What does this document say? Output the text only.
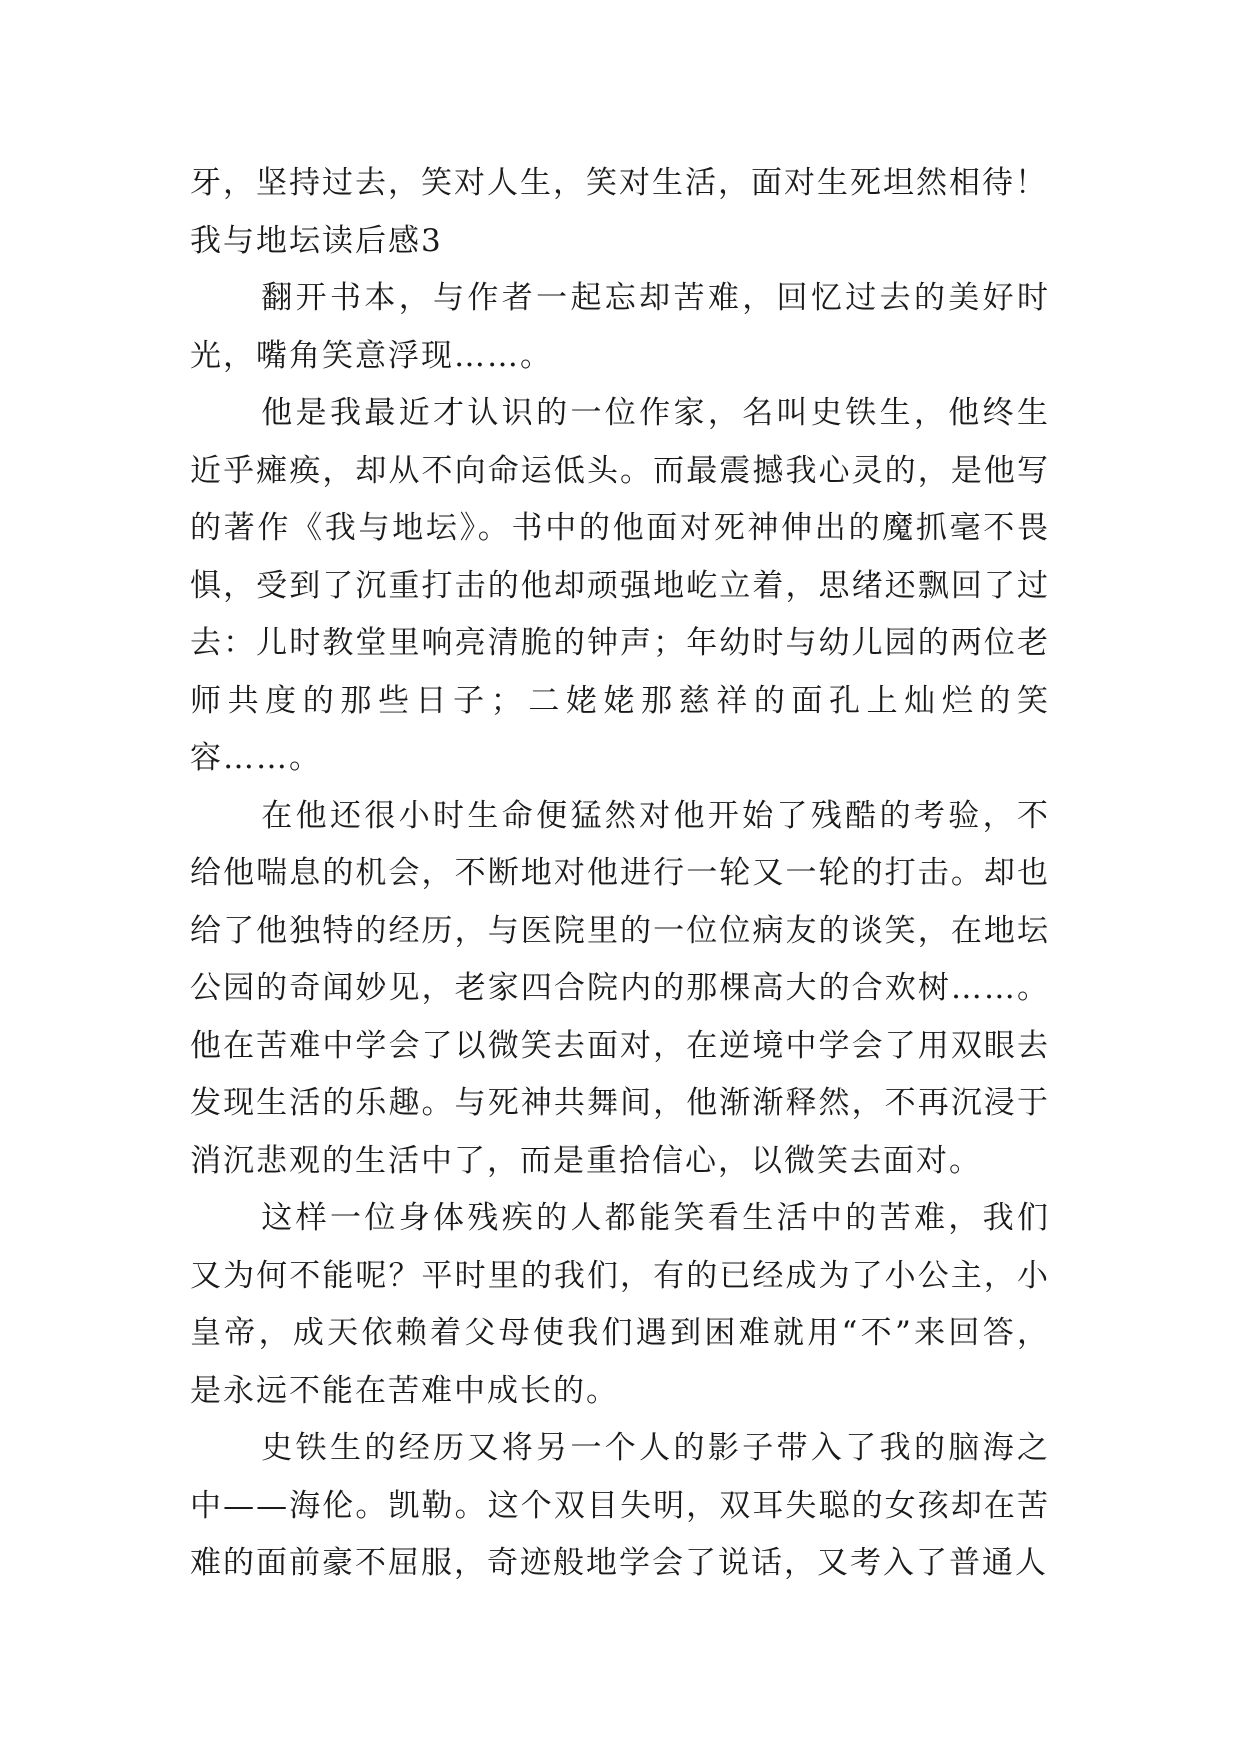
牙，坚持过去，笑对人生，笑对生活，面对生死坦然相待！

我与地坛读后感3

翻开书本，与作者一起忘却苦难，回忆过去的美好时光，嘴角笑意浮现……。

他是我最近才认识的一位作家，名叫史铁生，他终生近乎瘫痪，却从不向命运低头。而最震撼我心灵的，是他写的著作《我与地坛》。书中的他面对死神伸出的魔抓毫不畏惧，受到了沉重打击的他却顽强地屹立着，思绪还飘回了过去：儿时教堂里响亮清脆的钟声；年幼时与幼儿园的两位老师共度的那些日子；二姥姥那慈祥的面孔上灿烂的笑容……。

在他还很小时生命便猛然对他开始了残酷的考验，不给他喘息的机会，不断地对他进行一轮又一轮的打击。却也给了他独特的经历，与医院里的一位位病友的谈笑，在地坛公园的奇闻妙见，老家四合院内的那棵高大的合欢树……。他在苦难中学会了以微笑去面对，在逆境中学会了用双眼去发现生活的乐趣。与死神共舞间，他渐渐释然，不再沉浸于消沉悲观的生活中了，而是重拾信心，以微笑去面对。

这样一位身体残疾的人都能笑看生活中的苦难，我们又为何不能呢？平时里的我们，有的已经成为了小公主，小皇帝，成天依赖着父母使我们遇到困难就用“不”来回答，是永远不能在苦难中成长的。

史铁生的经历又将另一个人的影子带入了我的脑海之中——海伦。凯勒。这个双目失明，双耳失聪的女孩却在苦难的面前豪不屈服，奇迹般地学会了说话，又考入了普通人
